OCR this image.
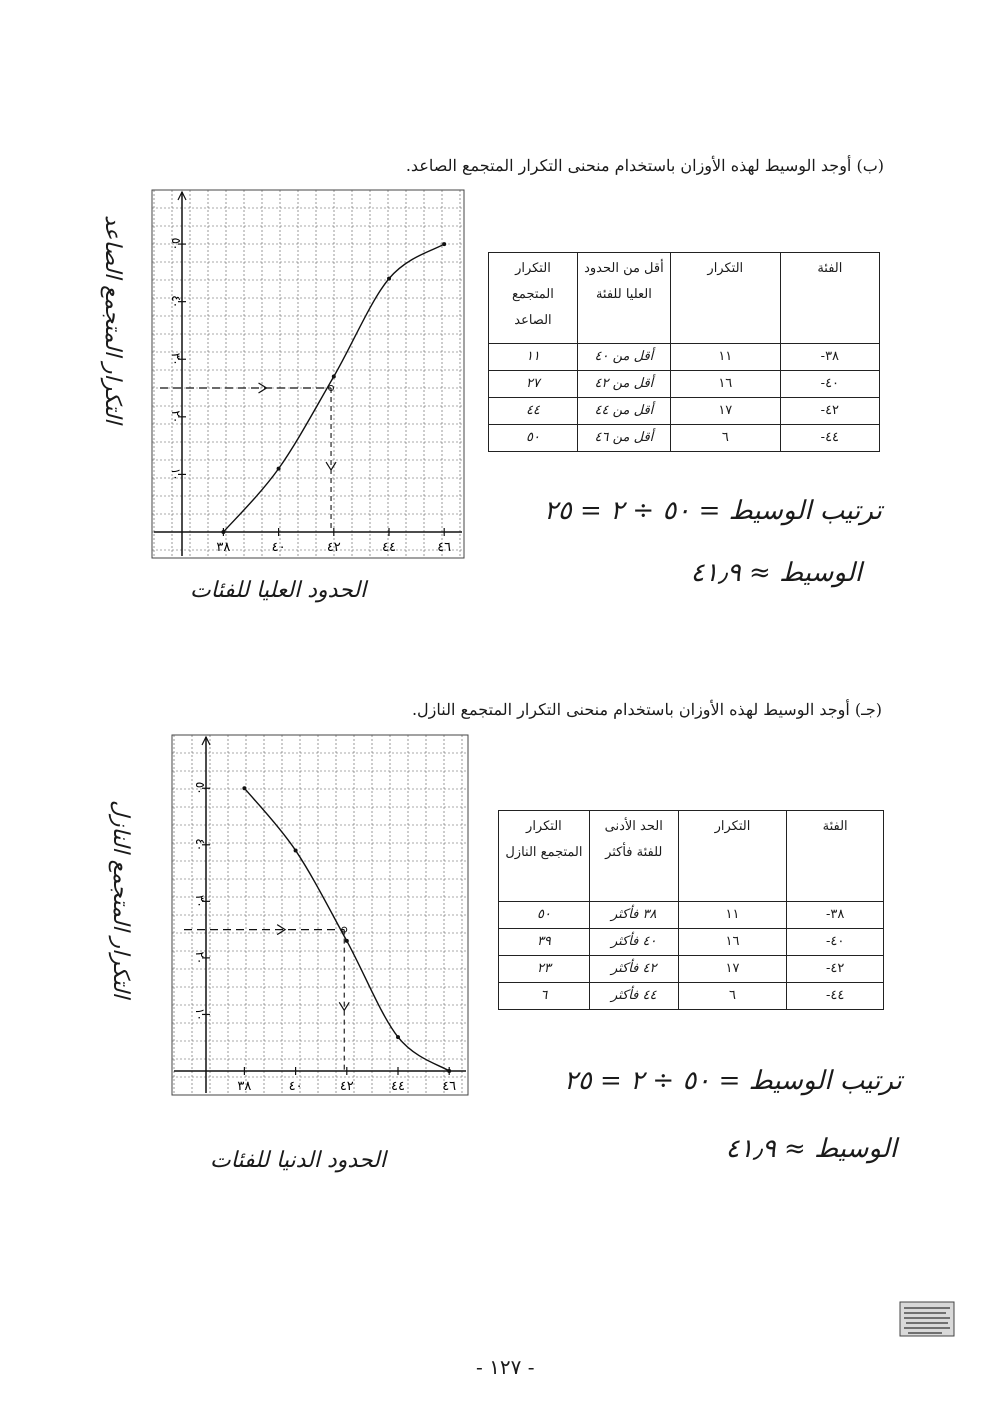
(ب) أوجد الوسيط لهذه الأوزان باستخدام منحنى التكرار المتجمع الصاعد.
١٠
٢٠
٣٠
٤٠
٥٠
٣٨	٤٠	٤٢	٤٤	٤٦
التكرار المتجمع الصاعد
الحدود العليا للفئات
الفئة	التكرار	أقل من الحدود العليا للفئة	التكرار المتجمع الصاعد
٣٨-	١١	أقل من ٤٠	١١
٤٠-	١٦	أقل من ٤٢	٢٧
٤٢-	١٧	أقل من ٤٤	٤٤
٤٤-	٦	أقل من ٤٦	٥٠
ترتيب الوسيط = ٥٠ ÷ ٢ = ٢٥
الوسيط ≈ ٤١٫٩
(جـ) أوجد الوسيط لهذه الأوزان باستخدام منحنى التكرار المتجمع النازل.
١٠
٢٠
٣٠
٤٠
٥٠
٣٨	٤٠	٤٢	٤٤	٤٦
التكرار المتجمع النازل
الحدود الدنيا للفئات
الفئة	التكرار	الحد الأدنى للفئة فأكثر	التكرار المتجمع النازل
٣٨-	١١	٣٨ فأكثر	٥٠
٤٠-	١٦	٤٠ فأكثر	٣٩
٤٢-	١٧	٤٢ فأكثر	٢٣
٤٤-	٦	٤٤ فأكثر	٦
ترتيب الوسيط = ٥٠ ÷ ٢ = ٢٥
الوسيط ≈ ٤١٫٩
- ١٢٧ -
